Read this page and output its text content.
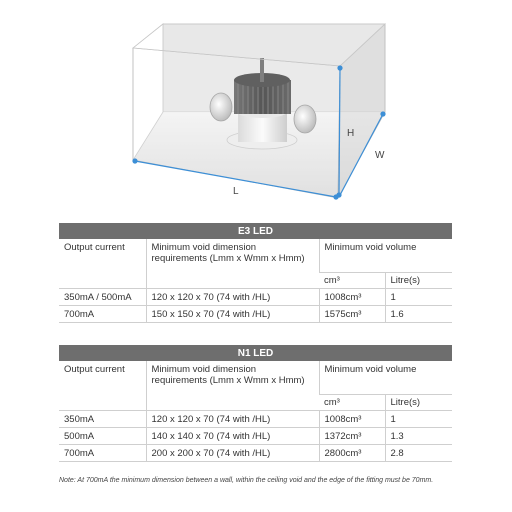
L
W
H
E3 LED			
Output current	Minimum void dimension requirements (Lmm x Wmm x Hmm)	Minimum void volume	
		cm³	Litre(s)
350mA / 500mA	120 x 120 x 70 (74 with /HL)	1008cm³	1
700mA	150 x 150 x 70 (74 with /HL)	1575cm³	1.6
N1 LED			
Output current	Minimum void dimension requirements (Lmm x Wmm x Hmm)	Minimum void volume	
		cm³	Litre(s)
350mA	120 x 120 x 70 (74 with /HL)	1008cm³	1
500mA	140 x 140 x 70 (74 with /HL)	1372cm³	1.3
700mA	200 x 200 x 70 (74 with /HL)	2800cm³	2.8
Note: At 700mA the minimum dimension between a wall, within the ceiling void and the edge of the fitting must be 70mm.
